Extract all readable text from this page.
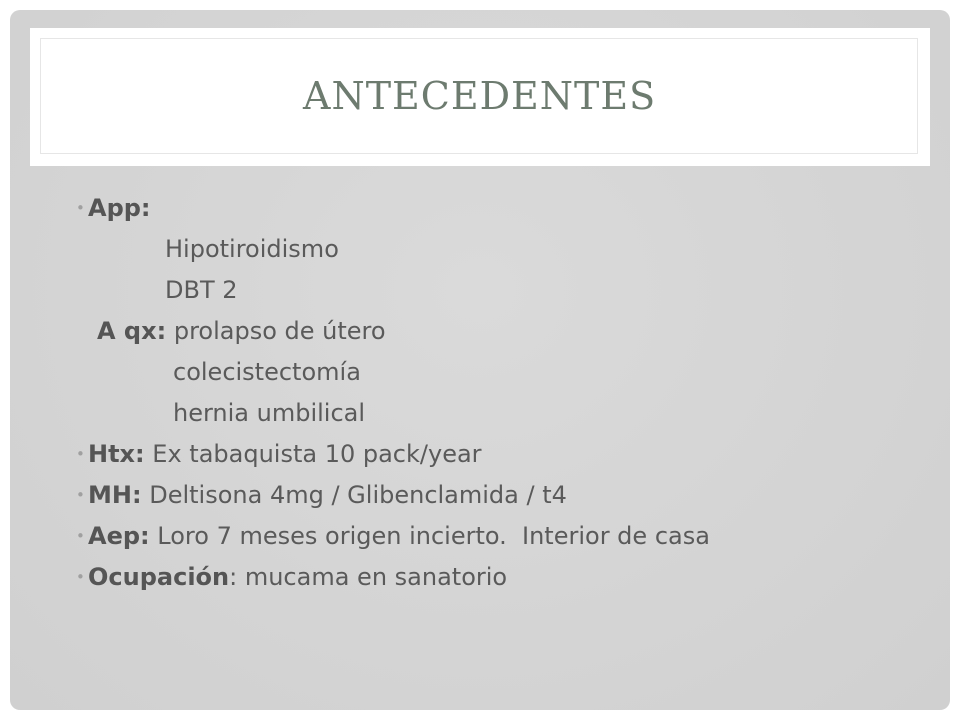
ANTECEDENTES
• App:
Hipotiroidismo
DBT 2
A qx: prolapso de útero
colecistectomía
hernia umbilical
• Htx: Ex tabaquista 10 pack/year
• MH: Deltisona 4mg / Glibenclamida / t4
• Aep: Loro 7 meses origen incierto.  Interior de casa
• Ocupación: mucama en sanatorio
